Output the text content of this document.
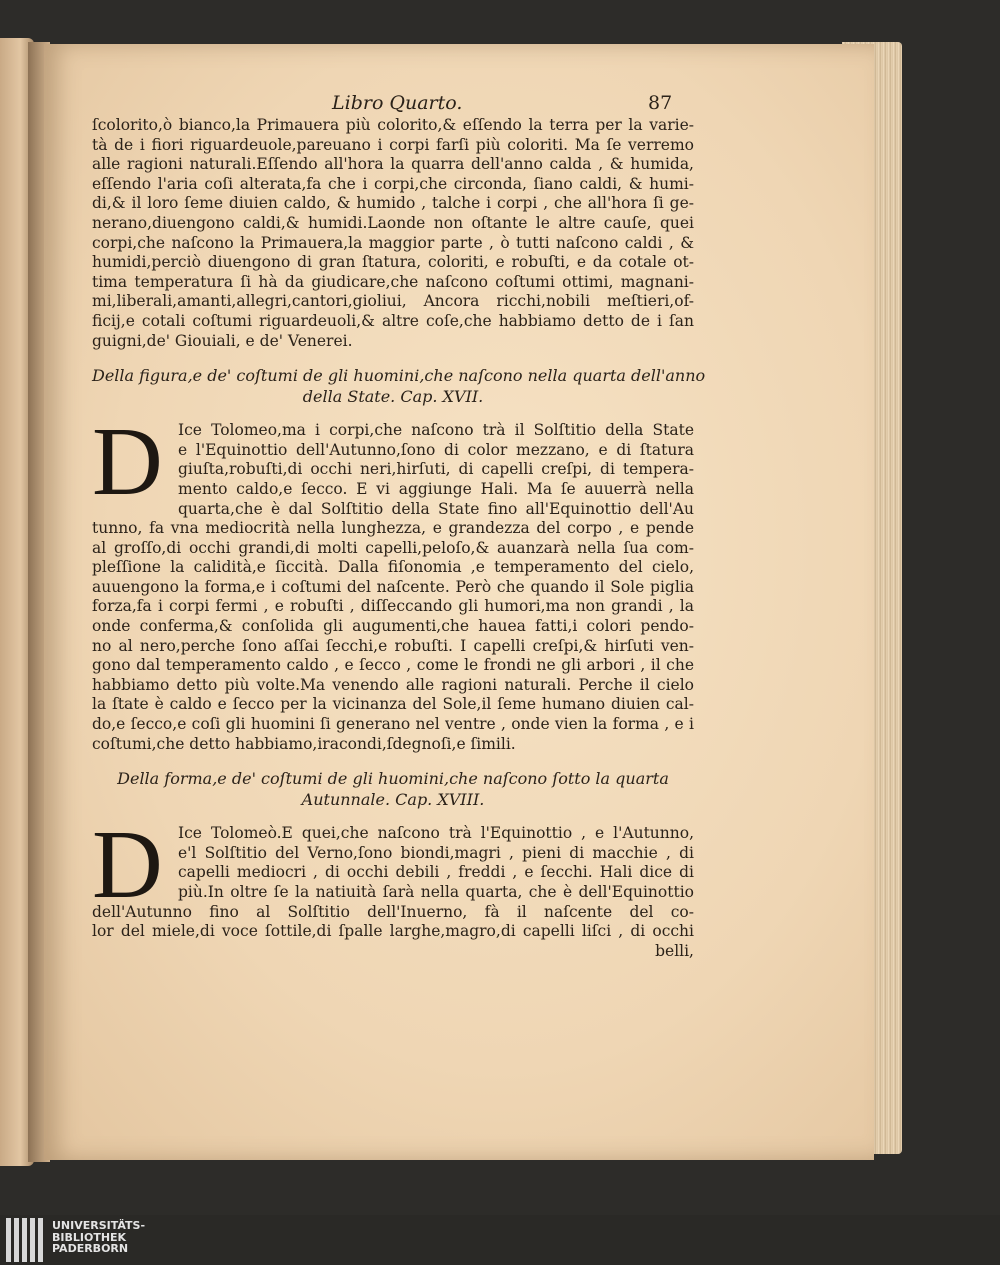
Libro Quarto.	87
ſcolorito,ò bianco,la Primauera più colorito,& eſſendo la terra per la varie-
tà de i fiori riguardeuole,pareuano i corpi farſi più coloriti. Ma ſe verremo
alle ragioni naturali.Eſſendo all'hora la quarra dell'anno calda , & humida,
eſſendo l'aria coſi alterata,fa che i corpi,che circonda, ſiano caldi, & humi-
di,& il loro ſeme diuien caldo, & humido , talche i corpi , che all'hora ſi ge-
nerano,diuengono caldi,& humidi.Laonde non oſtante le altre cauſe, quei
corpi,che naſcono la Primauera,la maggior parte , ò tutti naſcono caldi , &
humidi,perciò diuengono di gran ſtatura, coloriti, e robuſti, e da cotale ot-
tima temperatura ſi hà da giudicare,che naſcono coſtumi ottimi, magnani-
mi,liberali,amanti,allegri,cantori,gioliui, Ancora ricchi,nobili meſtieri,of-
ficij,e cotali coſtumi riguardeuoli,& altre coſe,che habbiamo detto de i ſan
guigni,de' Giouiali, e de' Venerei.
Della figura,e de' coſtumi de gli huomini,che naſcono nella quarta dell'anno
della State. Cap. XVII.
D Ice Tolomeo,ma i corpi,che naſcono trà il Solſtitio della State
e l'Equinottio dell'Autunno,ſono di color mezzano, e di ſtatura
giuſta,robuſti,di occhi neri,hirſuti, di capelli creſpi, di tempera-
mento caldo,e ſecco. E vi aggiunge Hali. Ma ſe auuerrà nella
quarta,che è dal Solſtitio della State fino all'Equinottio dell'Au
tunno, fa vna mediocrità nella lunghezza, e grandezza del corpo , e pende
al groſſo,di occhi grandi,di molti capelli,peloſo,& auanzarà nella ſua com-
pleſſione la calidità,e ſiccità. Dalla fiſonomia ,e temperamento del cielo,
auuengono la forma,e i coſtumi del naſcente. Però che quando il Sole piglia
forza,fa i corpi fermi , e robuſti , diſſeccando gli humori,ma non grandi , la
onde conferma,& conſolida gli augumenti,che hauea fatti,i colori pendo-
no al nero,perche ſono aſſai ſecchi,e robuſti. I capelli creſpi,& hirſuti ven-
gono dal temperamento caldo , e ſecco , come le frondi ne gli arbori , il che
habbiamo detto più volte.Ma venendo alle ragioni naturali. Perche il cielo
la ſtate è caldo e ſecco per la vicinanza del Sole,il ſeme humano diuien cal-
do,e ſecco,e coſi gli huomini ſi generano nel ventre , onde vien la forma , e i
coſtumi,che detto habbiamo,iracondi,ſdegnoſi,e ſimili.
Della forma,e de' coſtumi de gli huomini,che naſcono ſotto la quarta
Autunnale. Cap. XVIII.
D Ice Tolomeò.E quei,che naſcono trà l'Equinottio , e l'Autunno,
e'l Solſtitio del Verno,ſono biondi,magri , pieni di macchie , di
capelli mediocri , di occhi debili , freddi , e ſecchi. Hali dice di
più.In oltre ſe la natiuità ſarà nella quarta, che è dell'Equinottio
dell'Autunno fino al Solſtitio dell'Inuerno, fà il naſcente del co-
lor del miele,di voce ſottile,di ſpalle larghe,magro,di capelli liſci , di occhi
belli,
UNIVERSITÄTS-
BIBLIOTHEK
PADERBORN
